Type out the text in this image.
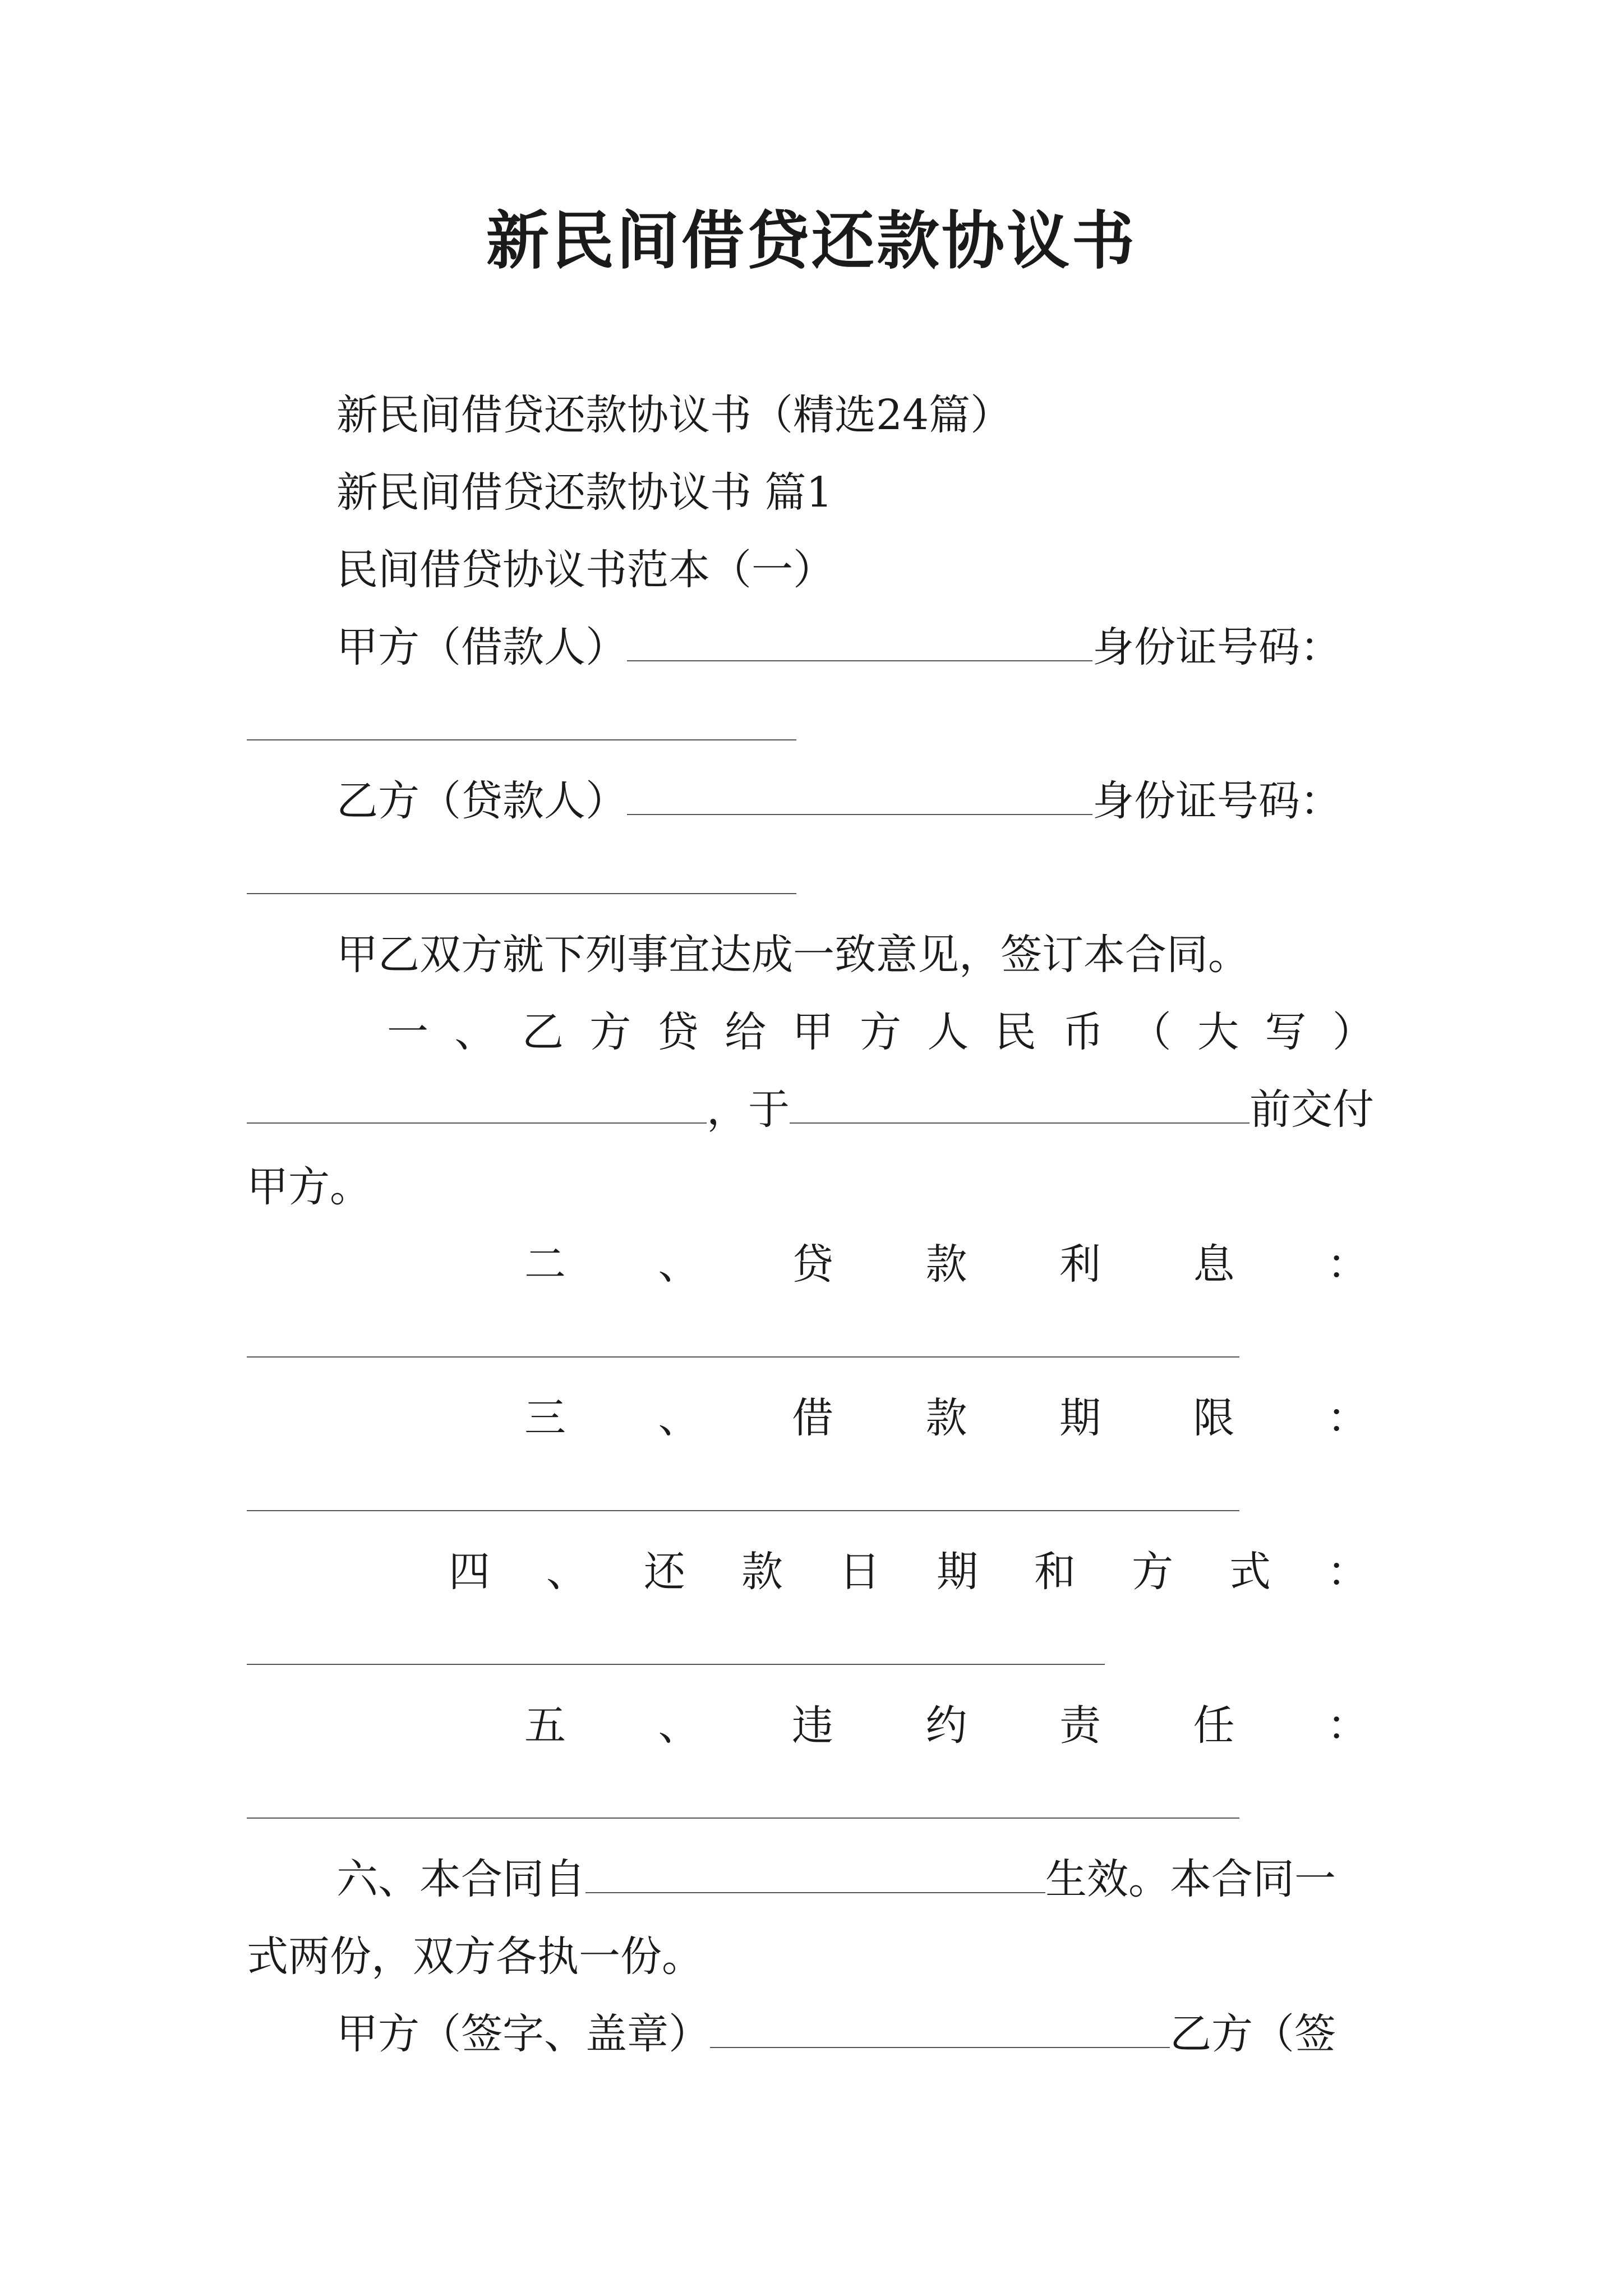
新民间借贷还款协议书
新民间借贷还款协议书（精选24篇）
新民间借贷还款协议书 篇1
民间借贷协议书范本（一）
甲方（借款人）	身份证号码：
乙方（贷款人）	身份证号码：
甲乙双方就下列事宜达成一致意见，签订本合同。
一 、 乙 方 贷 给 甲 方 人 民 币 （ 大 写 ）
，于	前交付
甲方。
二 、 贷 款 利 息 ：
三 、 借 款 期 限 ：
四 、 还 款 日 期 和 方 式 ：
五 、 违 约 责 任 ：
六、本合同自	生效。本合同一
式两份，双方各执一份。
甲方（签字、盖章）	乙方（签
